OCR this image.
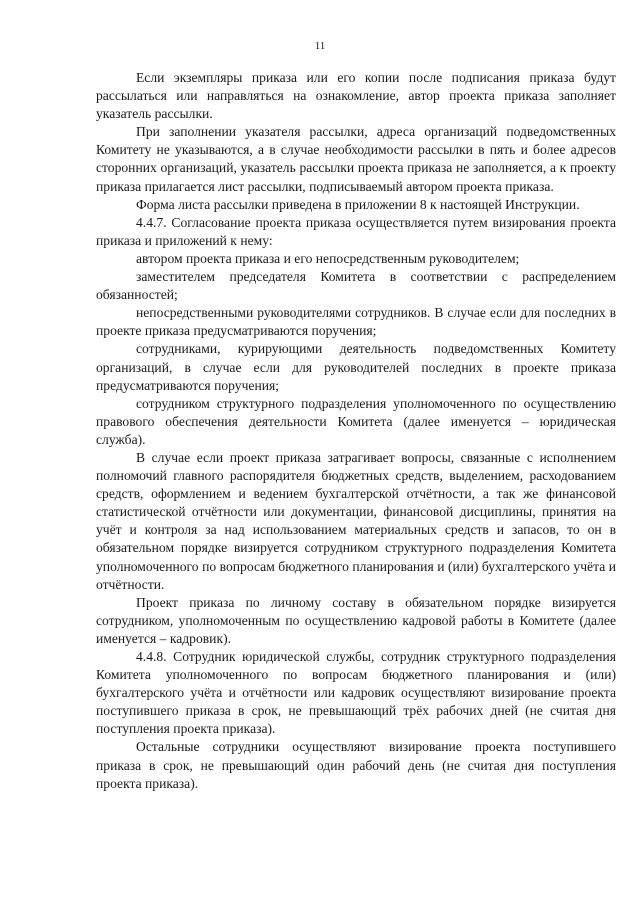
11

Если экземпляры приказа или его копии после подписания приказа будут рассылаться или направляться на ознакомление, автор проекта приказа заполняет указатель рассылки.

При заполнении указателя рассылки, адреса организаций подведомственных Комитету не указываются, а в случае необходимости рассылки в пять и более адресов сторонних организаций, указатель рассылки проекта приказа не заполняется, а к проекту приказа прилагается лист рассылки, подписываемый автором проекта приказа.

Форма листа рассылки приведена в приложении 8 к настоящей Инструкции.

4.4.7. Согласование проекта приказа осуществляется путем визирования проекта приказа и приложений к нему:

автором проекта приказа и его непосредственным руководителем;

заместителем председателя Комитета в соответствии с распределением обязанностей;

непосредственными руководителями сотрудников. В случае если для последних в проекте приказа предусматриваются поручения;

сотрудниками, курирующими деятельность подведомственных Комитету организаций, в случае если для руководителей последних в проекте приказа предусматриваются поручения;

сотрудником структурного подразделения уполномоченного по осуществлению правового обеспечения деятельности Комитета (далее именуется – юридическая служба).

В случае если проект приказа затрагивает вопросы, связанные с исполнением полномочий главного распорядителя бюджетных средств, выделением, расходованием средств, оформлением и ведением бухгалтерской отчётности, а так же финансовой статистической отчётности или документации, финансовой дисциплины, принятия на учёт и контроля за над использованием материальных средств и запасов, то он в обязательном порядке визируется сотрудником структурного подразделения Комитета уполномоченного по вопросам бюджетного планирования и (или) бухгалтерского учёта и отчётности.

Проект приказа по личному составу в обязательном порядке визируется сотрудником, уполномоченным по осуществлению кадровой работы в Комитете (далее именуется – кадровик).

4.4.8. Сотрудник юридической службы, сотрудник структурного подразделения Комитета уполномоченного по вопросам бюджетного планирования и (или) бухгалтерского учёта и отчётности или кадровик осуществляют визирование проекта поступившего приказа в срок, не превышающий трёх рабочих дней (не считая дня поступления проекта приказа).

Остальные сотрудники осуществляют визирование проекта поступившего приказа в срок, не превышающий один рабочий день (не считая дня поступления проекта приказа).
